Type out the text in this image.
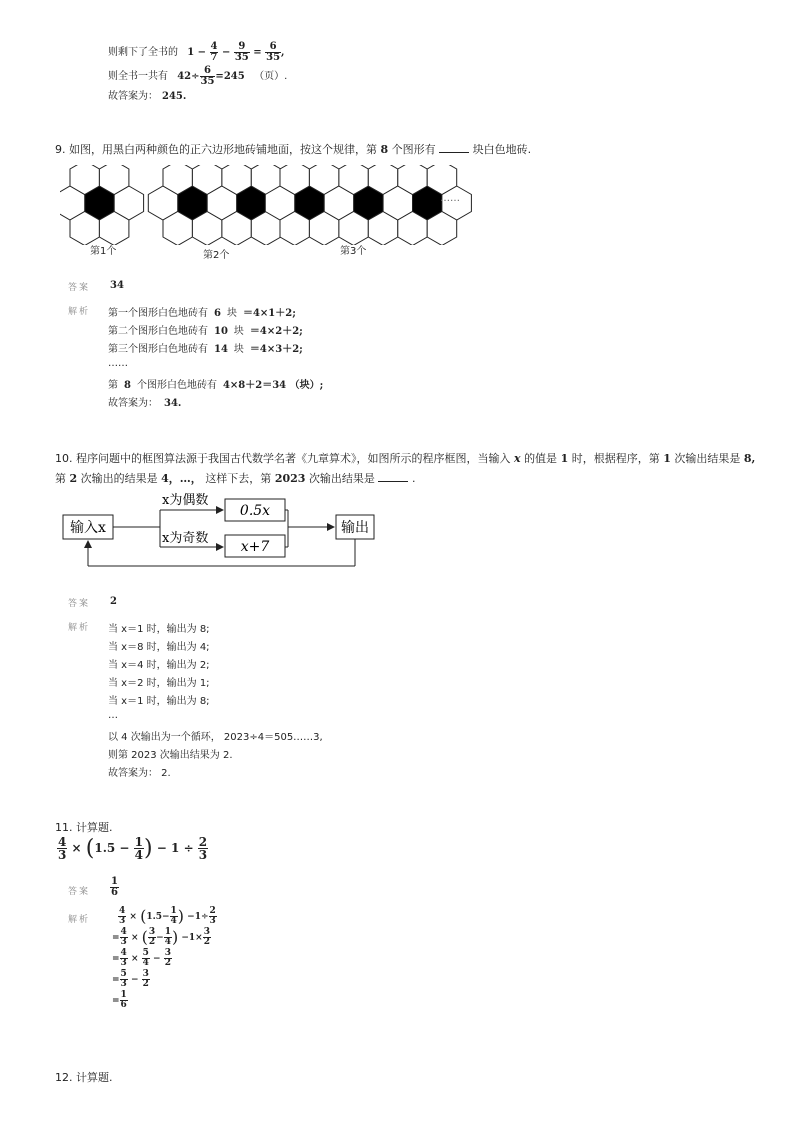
则剩下了全书的 $1 - \frac{4}{7} - \frac{9}{35} = \frac{6}{35}$ ,
则全书一共有 $42\div \frac{6}{35} =245$ （页）.
故答案为： 245.
9. 如图，用黑白两种颜色的正六边形地砖铺地面，按这个规律，第 8 个图形有	块白色地砖.
第1个	第2个	第3个
……
答案 34
解析 第一个图形白色地砖有 6 块 ＝4×1＋2;
第二个图形白色地砖有 10 块 ＝4×2＋2;
第三个图形白色地砖有 14 块 ＝4×3＋2;
……
第 8 个图形白色地砖有 4×8＋2＝34 （块）;
故答案为： 34.
10. 程序问题中的框图算法源于我国古代数学名著《九章算术》，如图所示的程序框图，当输入 x 的值是 1 时，根据程序，第 1 次输出结果是 8,
第 2 次输出的结果是 4，…， 这样下去，第 2023 次输出结果是	.
输入x
x为偶数
x为奇数
0.5x
x+7
输出
答案 2
解析 当 x＝1 时，输出为 8;
当 x＝8 时，输出为 4;
当 x＝4 时，输出为 2;
当 x＝2 时，输出为 1;
当 x＝1 时，输出为 8;
…
以 4 次输出为一个循环， 2023÷4＝505……3,
则第 2023 次输出结果为 2.
故答案为： 2.
11. 计算题.
$\frac{4}{3} \times (1.5 - \frac{1}{4}$ ) − $1 \div \frac{2}{3}$
答案 $\frac{1}{6}$
解析	$\frac{4}{3} \times (1.5- \frac{1}{4}$ ) $-1\div \frac{2}{3}$
= $\frac{4}{3}$ × ( $\frac{3}{2} - \frac{1}{4}$ ) $-1\times \frac{3}{2}$
= $\frac{4}{3} \times \frac{5}{4} - \frac{3}{2}$
= $\frac{5}{3} - \frac{3}{2}$
= $\frac{1}{6}$
12. 计算题.
